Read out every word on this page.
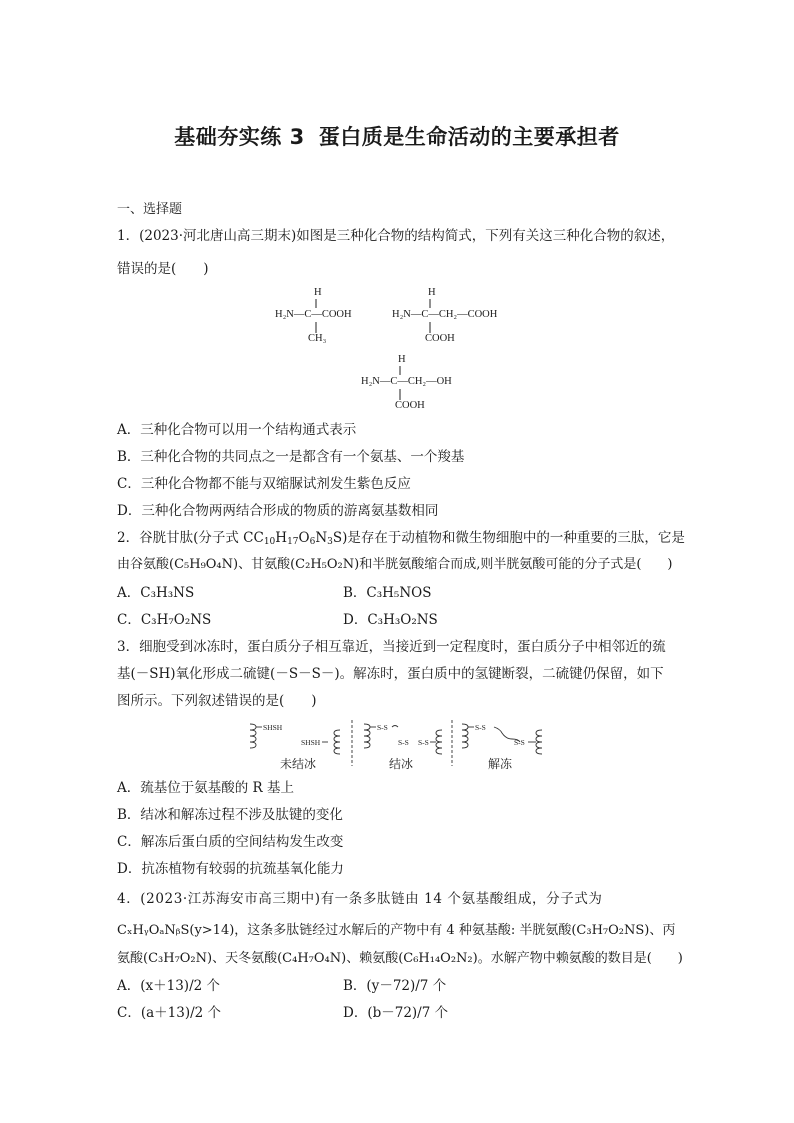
基础夯实练 3 蛋白质是生命活动的主要承担者
一、选择题
1．(2023·河北唐山高三期末)如图是三种化合物的结构简式，下列有关这三种化合物的叙述，
错误的是(　　)
H
H₂N—C—COOH
CH₃
H
H₂N—C—CH₂—COOH
COOH
H
H₂N—C—CH₂—OH
COOH
A．三种化合物可以用一个结构通式表示
B．三种化合物的共同点之一是都含有一个氨基、一个羧基
C．三种化合物都不能与双缩脲试剂发生紫色反应
D．三种化合物两两结合形成的物质的游离氨基数相同
2．谷胱甘肽(分子式 $CC_{10}H_{17}O_6N_3S$)是存在于动植物和微生物细胞中的一种重要的三肽，它是
由谷氨酸(C₅H₉O₄N)、甘氨酸(C₂H₅O₂N)和半胱氨酸缩合而成,则半胱氨酸可能的分子式是(　　)
A．C₃H₃NS	B．C₃H₅NOS
C．C₃H₇O₂NS	D．C₃H₃O₂NS
3．细胞受到冰冻时，蛋白质分子相互靠近，当接近到一定程度时，蛋白质分子中相邻近的巯
基(－SH)氧化形成二硫键(－S－S－)。解冻时，蛋白质中的氢键断裂，二硫键仍保留，如下
图所示。下列叙述错误的是(　　)
SHSH
SHSH
S-S
S-S S-S
S-S
S-S
未结冰	结冰	解冻
A．巯基位于氨基酸的 R 基上
B．结冰和解冻过程不涉及肽键的变化
C．解冻后蛋白质的空间结构发生改变
D．抗冻植物有较弱的抗巯基氧化能力
4．(2023·江苏海安市高三期中)有一条多肽链由 14 个氨基酸组成，分子式为
CₓHᵧOₐNᵦS(y>14)，这条多肽链经过水解后的产物中有 4 种氨基酸: 半胱氨酸(C₃H₇O₂NS)、丙
氨酸(C₃H₇O₂N)、天冬氨酸(C₄H₇O₄N)、赖氨酸(C₆H₁₄O₂N₂)。水解产物中赖氨酸的数目是(　　)
A．(x＋13)/2 个	B．(y－72)/7 个
C．(a＋13)/2 个	D．(b－72)/7 个
